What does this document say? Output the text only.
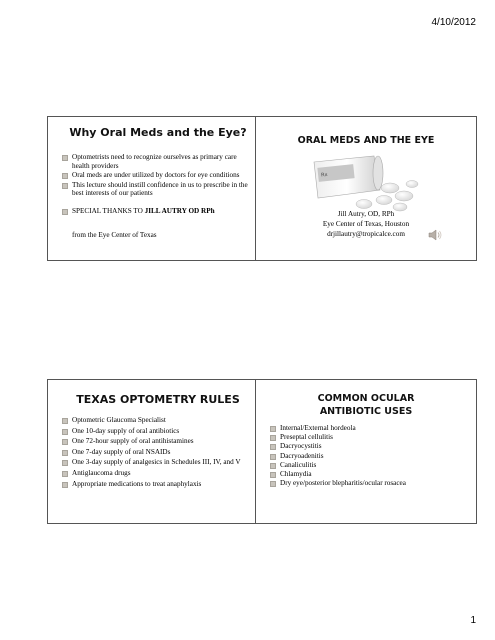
4/10/2012
Why Oral Meds and the Eye?
Optometrists need to recognize ourselves as primary care health providers
Oral meds are under utilized by doctors for eye conditions
This lecture should instill confidence in us to prescribe in the best interests of our patients
SPECIAL THANKS TO JILL AUTRY OD RPh
from the Eye Center of Texas
ORAL MEDS AND THE EYE
Rx
Jill Autry, OD, RPh
Eye Center of Texas, Houston
drjillautry@tropicalce.com
TEXAS OPTOMETRY RULES
Optometric Glaucoma Specialist
One 10-day supply of oral antibiotics
One 72-hour supply of oral antihistamines
One 7-day supply of oral NSAIDs
One 3-day supply of analgesics in Schedules III, IV, and V
Antiglaucoma drugs
Appropriate medications to treat anaphylaxis
COMMON OCULAR
ANTIBIOTIC USES
Internal/External hordeola
Preseptal cellulitis
Dacryocystitis
Dacryoadenitis
Canaliculitis
Chlamydia
Dry eye/posterior blepharitis/ocular rosacea
1
